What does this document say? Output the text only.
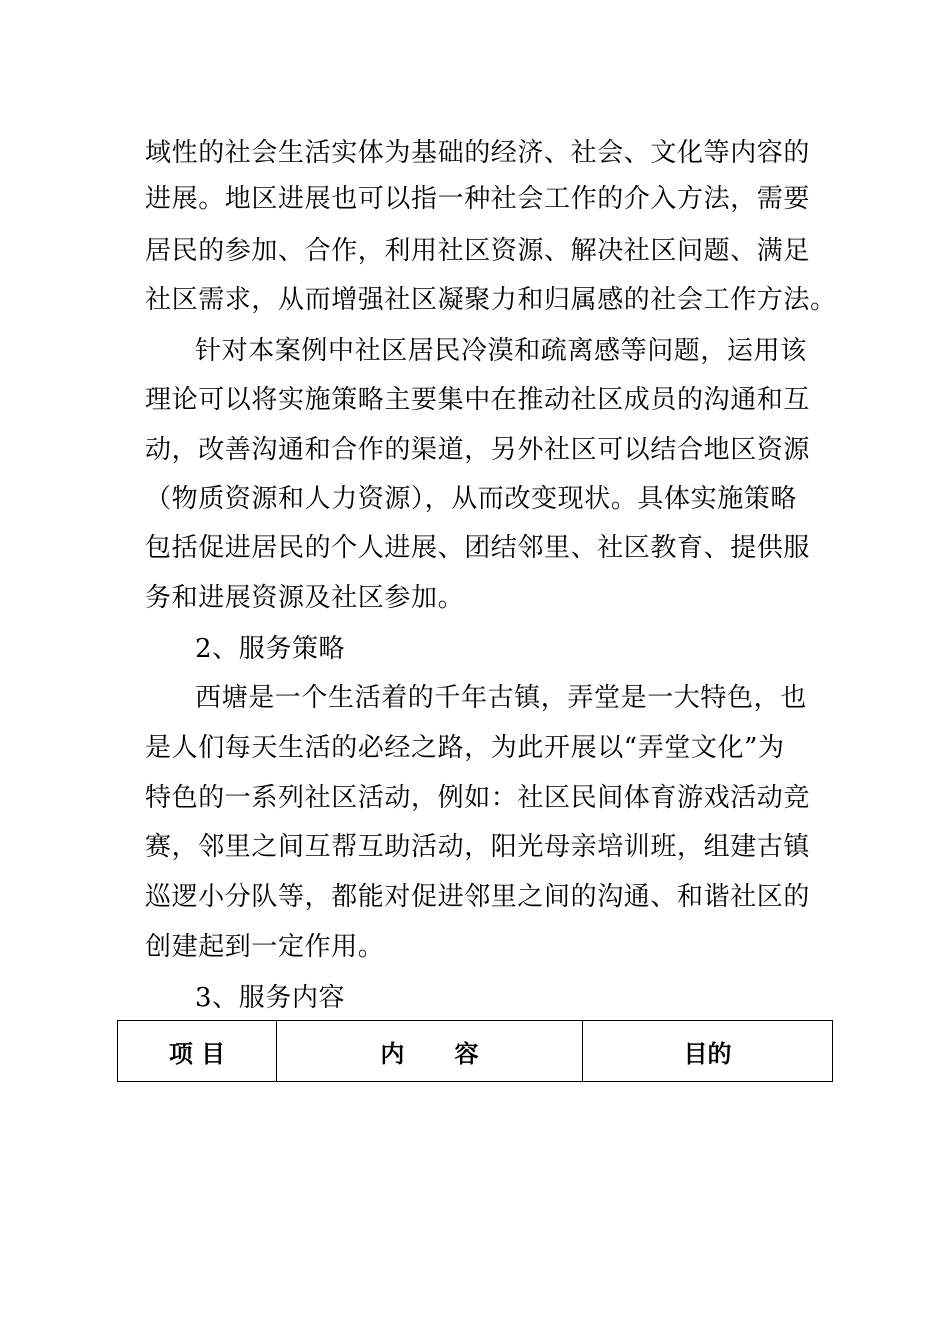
域性的社会生活实体为基础的经济、社会、文化等内容的
进展。地区进展也可以指一种社会工作的介入方法，需要
居民的参加、合作，利用社区资源、解决社区问题、满足
社区需求，从而增强社区凝聚力和归属感的社会工作方法。
针对本案例中社区居民冷漠和疏离感等问题，运用该
理论可以将实施策略主要集中在推动社区成员的沟通和互
动，改善沟通和合作的渠道，另外社区可以结合地区资源
（物质资源和人力资源），从而改变现状。具体实施策略
包括促进居民的个人进展、团结邻里、社区教育、提供服
务和进展资源及社区参加。
2、服务策略
西塘是一个生活着的千年古镇，弄堂是一大特色，也
是人们每天生活的必经之路，为此开展以“弄堂文化”为
特色的一系列社区活动，例如：社区民间体育游戏活动竞
赛，邻里之间互帮互助活动，阳光母亲培训班，组建古镇
巡逻小分队等，都能对促进邻里之间的沟通、和谐社区的
创建起到一定作用。
3、服务内容
项 目	内      容	目的
